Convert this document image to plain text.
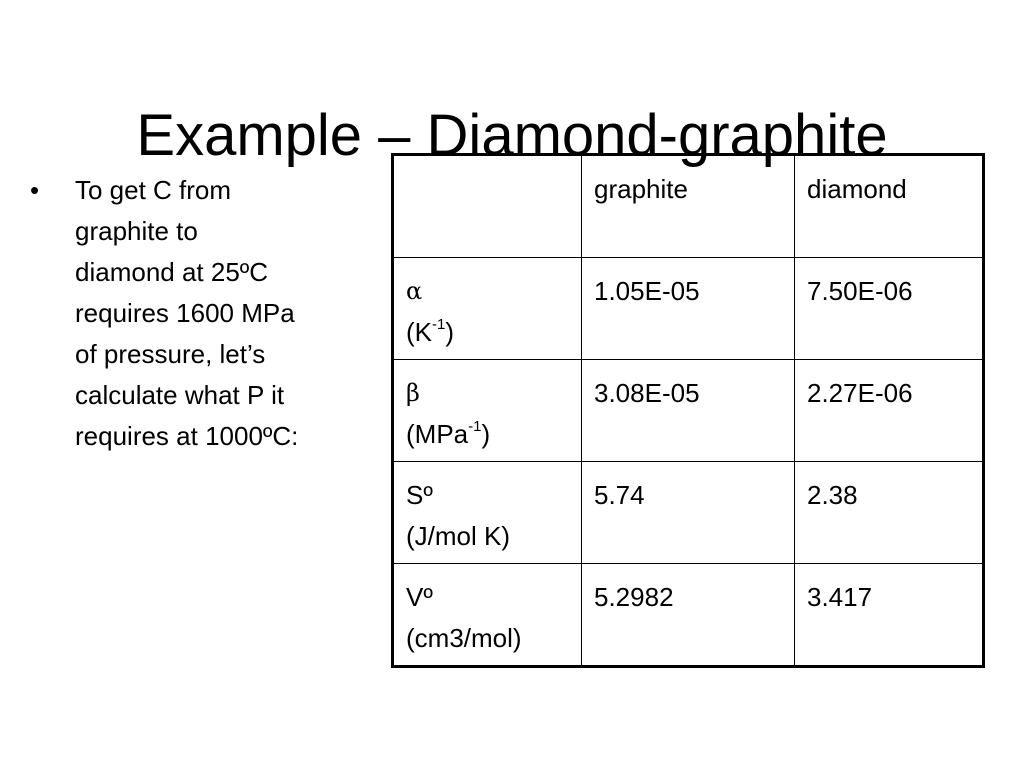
Example – Diamond-graphite
•	To get C from
graphite to
diamond at 25ºC
requires 1600 MPa
of pressure, let’s
calculate what P it
requires at 1000ºC:
	graphite	diamond

α
$(K^{-1})$	1.05E-05	7.50E-06

β
(MPa$^{-1}$)	3.08E-05	2.27E-06

Sº
(J/mol K)	5.74	2.38

Vº
(cm3/mol)	5.2982	3.417
